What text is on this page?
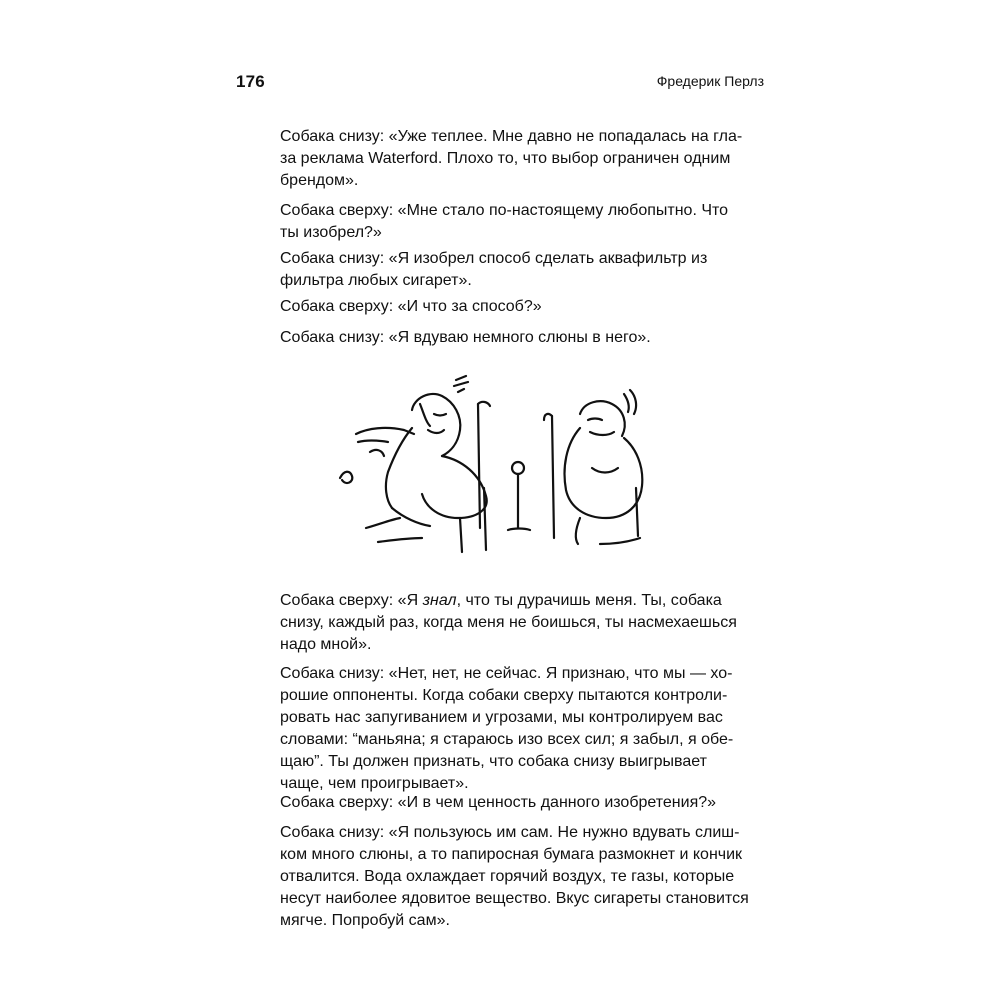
176	Фредерик Перлз

Собака снизу: «Уже теплее. Мне давно не попадалась на гла-
за реклама Waterford. Плохо то, что выбор ограничен одним
брендом».

Собака сверху: «Мне стало по-настоящему любопытно. Что
ты изобрел?»

Собака снизу: «Я изобрел способ сделать аквафильтр из
фильтра любых сигарет».

Собака сверху: «И что за способ?»

Собака снизу: «Я вдуваю немного слюны в него».

Собака сверху: «Я знал, что ты дурачишь меня. Ты, собака
снизу, каждый раз, когда меня не боишься, ты насмехаешься
надо мной».

Собака снизу: «Нет, нет, не сейчас. Я признаю, что мы — хо-
рошие оппоненты. Когда собаки сверху пытаются контроли-
ровать нас запугиванием и угрозами, мы контролируем вас
словами: “маньяна; я стараюсь изо всех сил; я забыл, я обе-
щаю”. Ты должен признать, что собака снизу выигрывает
чаще, чем проигрывает».

Собака сверху: «И в чем ценность данного изобретения?»

Собака снизу: «Я пользуюсь им сам. Не нужно вдувать слиш-
ком много слюны, а то папиросная бумага размокнет и кончик
отвалится. Вода охлаждает горячий воздух, те газы, которые
несут наиболее ядовитое вещество. Вкус сигареты становится
мягче. Попробуй сам».
